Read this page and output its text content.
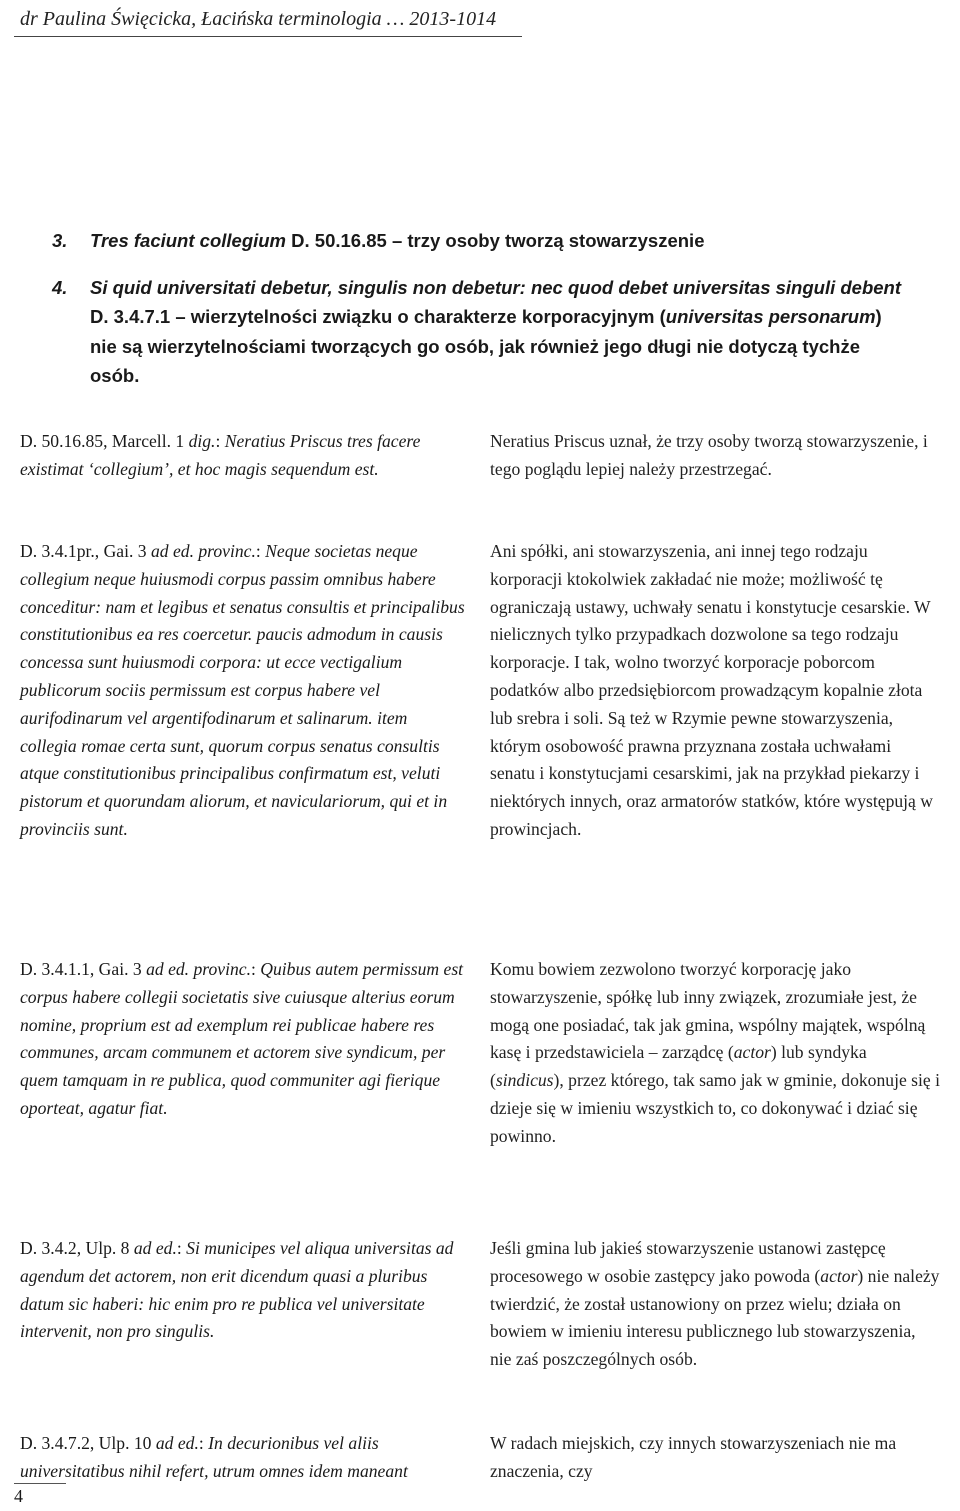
dr Paulina Święcicka, Łacińska terminologia … 2013-1014
3. Tres faciunt collegium D. 50.16.85 – trzy osoby tworzą stowarzyszenie
4. Si quid universitati debetur, singulis non debetur: nec quod debet universitas singuli debent D. 3.4.7.1 – wierzytelności związku o charakterze korporacyjnym (universitas personarum) nie są wierzytelnościami tworzących go osób, jak również jego długi nie dotyczą tychże osób.
D. 50.16.85, Marcell. 1 dig.: Neratius Priscus tres facere existimat ‘collegium’, et hoc magis sequendum est.
Neratius Priscus uznał, że trzy osoby tworzą stowarzyszenie, i tego poglądu lepiej należy przestrzegać.
D. 3.4.1pr., Gai. 3 ad ed. provinc.: Neque societas neque collegium neque huiusmodi corpus passim omnibus habere conceditur: nam et legibus et senatus consultis et principalibus constitutionibus ea res coercetur. paucis admodum in causis concessa sunt huiusmodi corpora: ut ecce vectigalium publicorum sociis permissum est corpus habere vel aurifodinarum vel argentifodinarum et salinarum. item collegia romae certa sunt, quorum corpus senatus consultis atque constitutionibus principalibus confirmatum est, veluti pistorum et quorundam aliorum, et naviculariorum, qui et in provinciis sunt.
Ani spółki, ani stowarzyszenia, ani innej tego rodzaju korporacji ktokolwiek zakładać nie może; możliwość tę ograniczają ustawy, uchwały senatu i konstytucje cesarskie. W nielicznych tylko przypadkach dozwolone sa tego rodzaju korporacje. I tak, wolno tworzyć korporacje poborcom podatków albo przedsiębiorcom prowadzącym kopalnie złota lub srebra i soli. Są też w Rzymie pewne stowarzyszenia, którym osobowość prawna przyznana została uchwałami senatu i konstytucjami cesarskimi, jak na przykład piekarzy i niektórych innych, oraz armatorów statków, które występują w prowincjach.
D. 3.4.1.1, Gai. 3 ad ed. provinc.: Quibus autem permissum est corpus habere collegii societatis sive cuiusque alterius eorum nomine, proprium est ad exemplum rei publicae habere res communes, arcam communem et actorem sive syndicum, per quem tamquam in re publica, quod communiter agi fierique oporteat, agatur fiat.
Komu bowiem zezwolono tworzyć korporację jako stowarzyszenie, spółkę lub inny związek, zrozumiałe jest, że mogą one posiadać, tak jak gmina, wspólny majątek, wspólną kasę i przedstawiciela – zarządcę (actor) lub syndyka (sindicus), przez którego, tak samo jak w gminie, dokonuje się i dzieje się w imieniu wszystkich to, co dokonywać i dziać się powinno.
D. 3.4.2, Ulp. 8 ad ed.: Si municipes vel aliqua universitas ad agendum det actorem, non erit dicendum quasi a pluribus datum sic haberi: hic enim pro re publica vel universitate intervenit, non pro singulis.
Jeśli gmina lub jakieś stowarzyszenie ustanowi zastępcę procesowego w osobie zastępcy jako powoda (actor) nie należy twierdzić, że został ustanowiony on przez wielu; działa on bowiem w imieniu interesu publicznego lub stowarzyszenia, nie zaś poszczególnych osób.
D. 3.4.7.2, Ulp. 10 ad ed.: In decurionibus vel aliis universitatibus nihil refert, utrum omnes idem maneant
W radach miejskich, czy innych stowarzyszeniach nie ma znaczenia, czy
4
